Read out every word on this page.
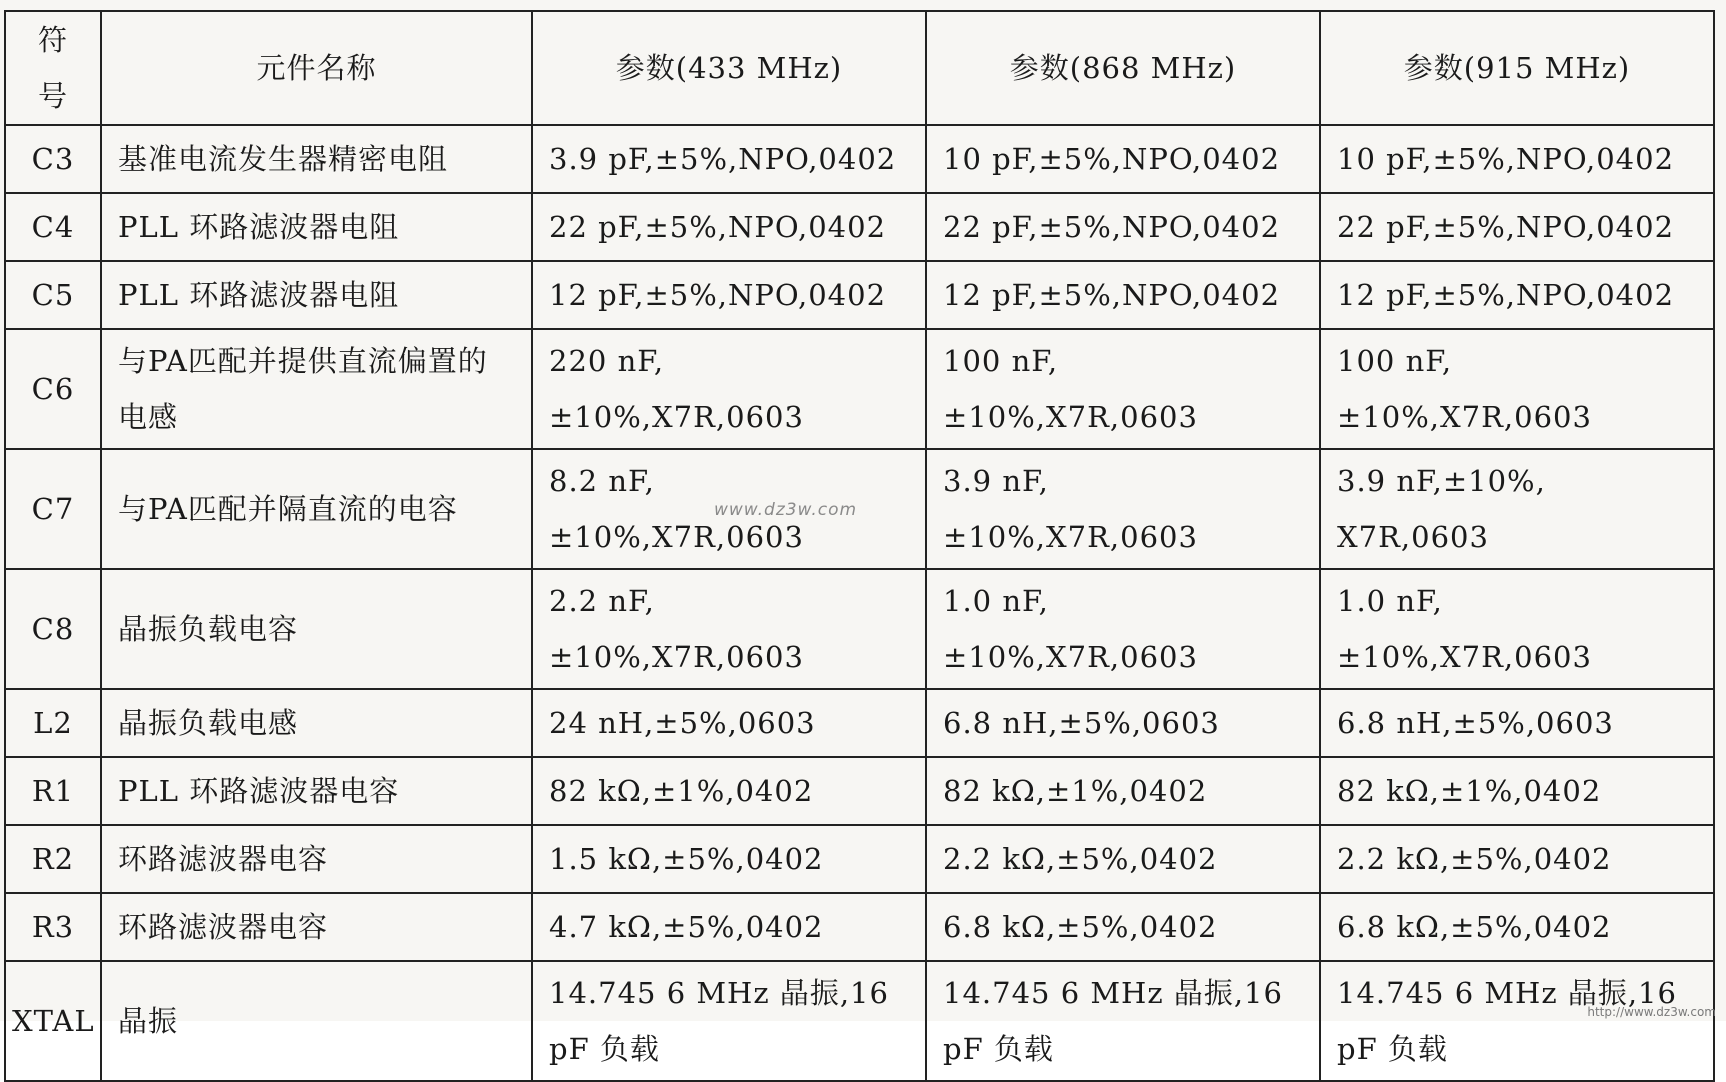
符 号	元件名称	参数(433 MHz)	参数(868 MHz)	参数(915 MHz)
C3	基准电流发生器精密电阻	3.9 pF,±5%,NPO,0402	10 pF,±5%,NPO,0402	10 pF,±5%,NPO,0402
C4	PLL 环路滤波器电阻	22 pF,±5%,NPO,0402	22 pF,±5%,NPO,0402	22 pF,±5%,NPO,0402
C5	PLL 环路滤波器电阻	12 pF,±5%,NPO,0402	12 pF,±5%,NPO,0402	12 pF,±5%,NPO,0402
C6	与PA匹配并提供直流偏置的电感	220 nF,±10%,X7R,0603	100 nF,±10%,X7R,0603	100 nF,±10%,X7R,0603
C7	与PA匹配并隔直流的电容	8.2 nF,±10%,X7R,0603	3.9 nF,±10%,X7R,0603	3.9 nF,±10%, X7R,0603
C8	晶振负载电容	2.2 nF,±10%,X7R,0603	1.0 nF,±10%,X7R,0603	1.0 nF,±10%,X7R,0603
L2	晶振负载电感	24 nH,±5%,0603	6.8 nH,±5%,0603	6.8 nH,±5%,0603
R1	PLL 环路滤波器电容	82 kΩ,±1%,0402	82 kΩ,±1%,0402	82 kΩ,±1%,0402
R2	环路滤波器电容	1.5 kΩ,±5%,0402	2.2 kΩ,±5%,0402	2.2 kΩ,±5%,0402
R3	环路滤波器电容	4.7 kΩ,±5%,0402	6.8 kΩ,±5%,0402	6.8 kΩ,±5%,0402
XTAL	晶振	14.745 6 MHz 晶振,16 pF 负载	14.745 6 MHz 晶振,16 pF 负载	14.745 6 MHz 晶振,16 pF 负载
www.dz3w.com
http://www.dz3w.com
